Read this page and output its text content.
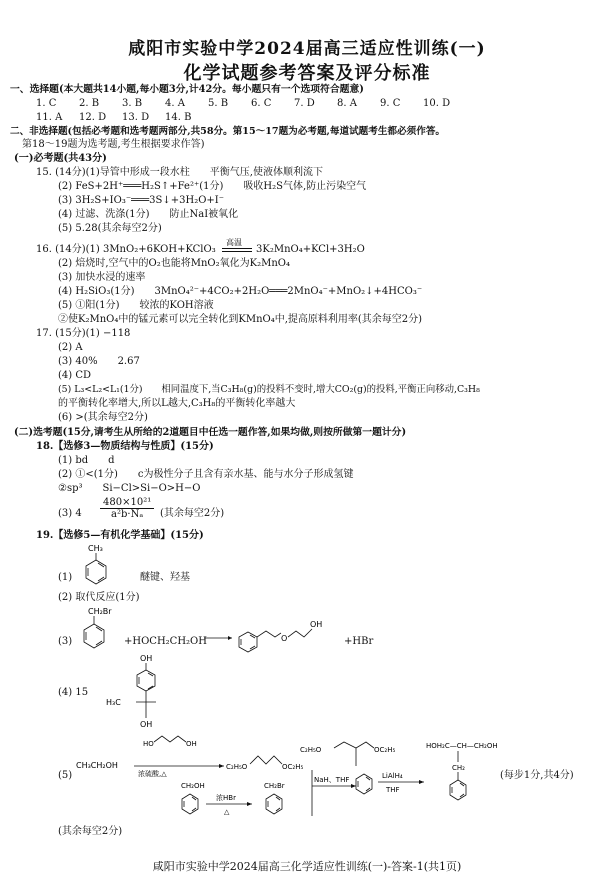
咸阳市实验中学2024届高三适应性训练(一)
化学试题参考答案及评分标准
一、选择题(本大题共14小题,每小题3分,计42分。每小题只有一个选项符合题意)
1. C 2. B 3. B 4. A 5. B 6. C 7. D 8. A 9. C 10. D
11. A 12. D 13. D 14. B
二、非选择题(包括必考题和选考题两部分,共58分。第15～17题为必考题,每道试题考生都必须作答。
第18～19题为选考题,考生根据要求作答)
(一)必考题(共43分)
15. (14分)(1)导管中形成一段水柱　　平衡气压,使液体顺利流下
(2) FeS+2H⁺═══H₂S↑+Fe²⁺(1分)　　吸收H₂S气体,防止污染空气
(3) 3H₂S+IO₃⁻═══3S↓+3H₂O+I⁻
(4) 过滤、洗涤(1分)　　防止NaI被氧化
(5) 5.28(其余每空2分)
16. (14分)(1) 3MnO₂+6KOH+KClO₃
高温
3K₂MnO₄+KCl+3H₂O
(2) 焙烧时,空气中的O₂也能将MnO₂氧化为K₂MnO₄
(3) 加快水浸的速率
(4) H₂SiO₃(1分)　　3MnO₄²⁻+4CO₂+2H₂O═══2MnO₄⁻+MnO₂↓+4HCO₃⁻
(5) ①阳(1分)　　较浓的KOH溶液
②使K₂MnO₄中的锰元素可以完全转化到KMnO₄中,提高原料利用率(其余每空2分)
17. (15分)(1) −118
(2) A
(3) 40%　　2.67
(4) CD
(5) L₃<L₂<L₁(1分)　　相同温度下,当C₃H₈(g)的投料不变时,增大CO₂(g)的投料,平衡正向移动,C₃H₈
的平衡转化率增大,所以L越大,C₃H₈的平衡转化率越大
(6) >(其余每空2分)
(二)选考题(15分,请考生从所给的2道题目中任选一题作答,如果均做,则按所做第一题计分)
18.【选修3—物质结构与性质】(15分)
(1) bd　　d
(2) ①<(1分)　　c为极性分子且含有亲水基、能与水分子形成氢键
②sp³　　Si−Cl>Si−O>H−O
(3) $4 \frac{\text{480×10²¹}}{\text{a²b·Nₐ}}$ (其余每空2分)
19.【选修5—有机化学基础】(15分)
(1)
CH₃
醚键、羟基
(2) 取代反应(1分)
CH₂Br
(3)	+HOCH₂CH₂OH	O
OH
+HBr
OH
H₃C
OH
(4) 15
(5)
CH₃CH₂OH
HO	OH
浓硫酸,△
C₂H₅O	OC₂H₅
CH₂OH
浓HBr
△
CH₂Br
NaH、THF
C₂H₅O	OC₂H₅
LiAlH₄
THF
HOH₂C—CH—CH₂OH
CH₂
(每步1分,共4分)
(其余每空2分)
咸阳市实验中学2024届高三化学适应性训练(一)-答案-1(共1页)
